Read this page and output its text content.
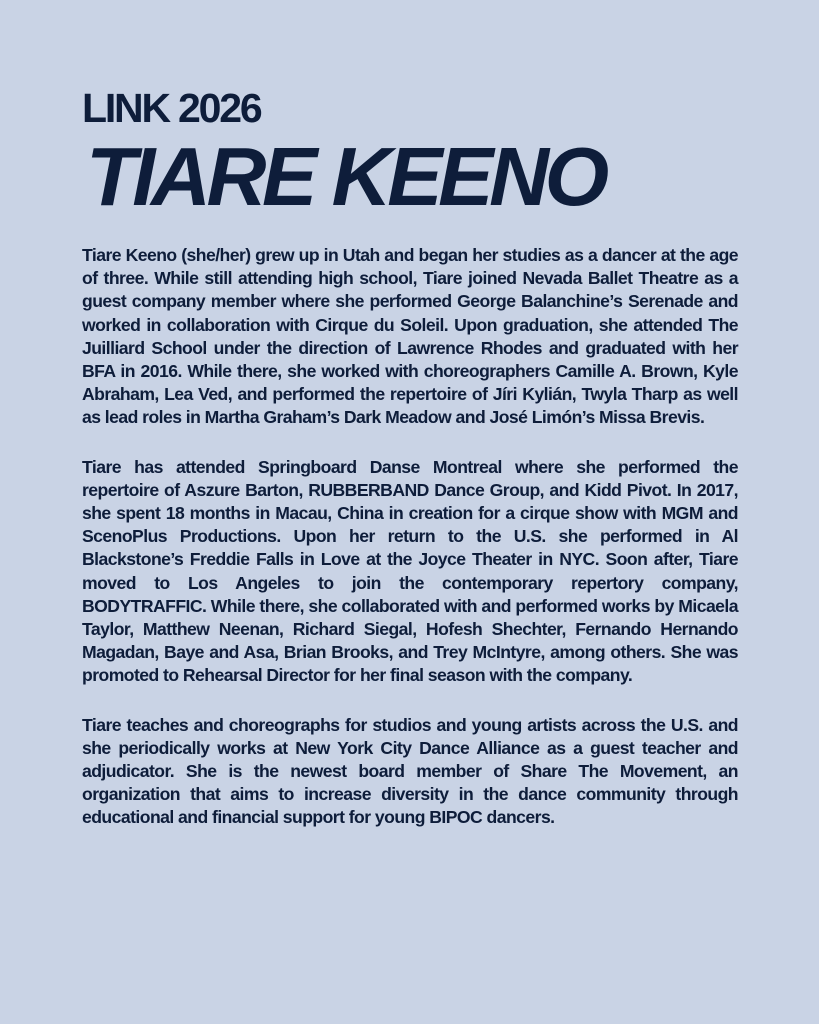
LINK 2026
TIARE KEENO

Tiare Keeno (she/her) grew up in Utah and began her studies as a dancer at the age of three. While still attending high school, Tiare joined Nevada Ballet Theatre as a guest company member where she performed George Balanchine’s Serenade and worked in collaboration with Cirque du Soleil. Upon graduation, she attended The Juilliard School under the direction of Lawrence Rhodes and graduated with her BFA in 2016. While there, she worked with choreographers Camille A. Brown, Kyle Abraham, Lea Ved, and performed the repertoire of Jíri Kylián, Twyla Tharp as well as lead roles in Martha Graham’s Dark Meadow and José Limón’s Missa Brevis.

Tiare has attended Springboard Danse Montreal where she performed the repertoire of Aszure Barton, RUBBERBAND Dance Group, and Kidd Pivot. In 2017, she spent 18 months in Macau, China in creation for a cirque show with MGM and ScenoPlus Productions. Upon her return to the U.S. she performed in Al Blackstone’s Freddie Falls in Love at the Joyce Theater in NYC. Soon after, Tiare moved to Los Angeles to join the contemporary repertory company, BODYTRAFFIC. While there, she collaborated with and performed works by Micaela Taylor, Matthew Neenan, Richard Siegal, Hofesh Shechter, Fernando Hernando Magadan, Baye and Asa, Brian Brooks, and Trey McIntyre, among others. She was promoted to Rehearsal Director for her final season with the company.

Tiare teaches and choreographs for studios and young artists across the U.S. and she periodically works at New York City Dance Alliance as a guest teacher and adjudicator. She is the newest board member of Share The Movement, an organization that aims to increase diversity in the dance community through educational and financial support for young BIPOC dancers.
